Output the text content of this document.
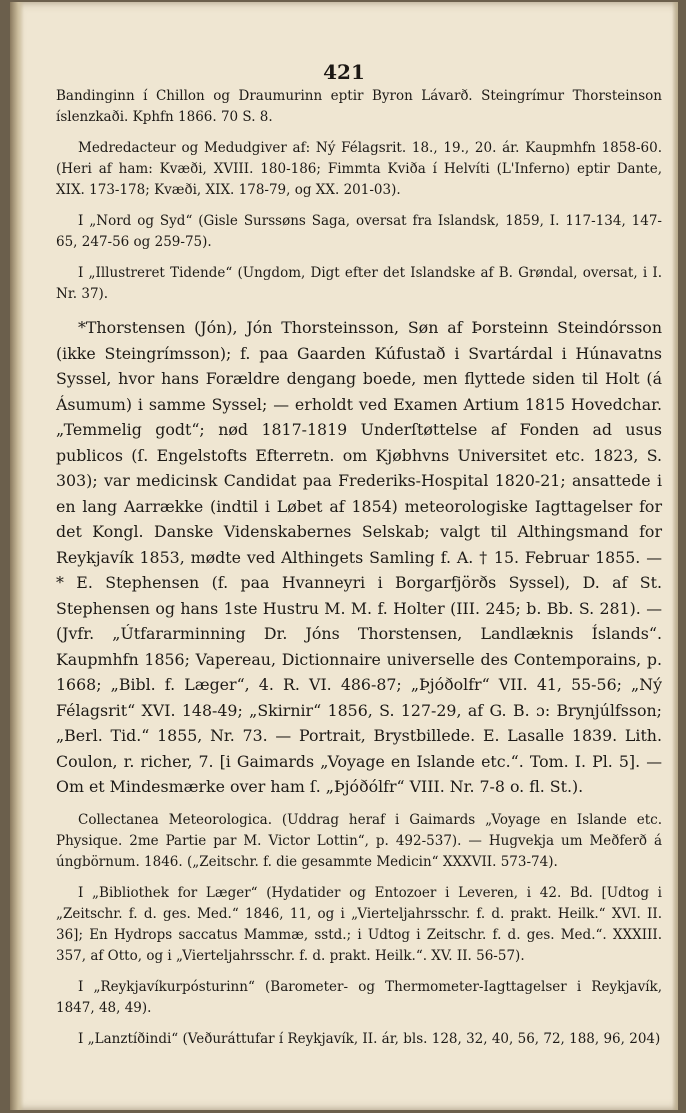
421

Bandinginn í Chillon og Draumurinn eptir Byron Lávarð. Steingrímur Thorsteinson íslenzkaði. Kphfn 1866. 70 S. 8.

Medredacteur og Medudgiver af: Ný Félagsrit. 18., 19., 20. ár. Kaupmhfn 1858-60. (Heri af ham: Kvæði, XVIII. 180-186; Fimmta Kviða í Helvíti (L'Inferno) eptir Dante, XIX. 173-178; Kvæði, XIX. 178-79, og XX. 201-03).

I „Nord og Syd“ (Gisle Surssøns Saga, oversat fra Islandsk, 1859, I. 117-134, 147-65, 247-56 og 259-75).

I „Illustreret Tidende“ (Ungdom, Digt efter det Islandske af B. Grøndal, oversat, i I. Nr. 37).

*Thorstensen (Jón), Jón Thorsteinsson, Søn af Þorsteinn Steindórsson (ikke Steingrímsson); f. paa Gaarden Kúfustað i Svartárdal i Húnavatns Syssel, hvor hans Forældre dengang boede, men flyttede siden til Holt (á Ásumum) i samme Syssel; — erholdt ved Examen Artium 1815 Hovedchar. „Temmelig godt“; nød 1817-1819 Underſtøttelse af Fonden ad usus publicos (ſ. Engelstofts Efterretn. om Kjøbhvns Universitet etc. 1823, S. 303); var medicinsk Candidat paa Frederiks-Hospital 1820-21; ansattede i en lang Aarrække (indtil i Løbet af 1854) meteorologiske Iagttagelser for det Kongl. Danske Videnskabernes Selskab; valgt til Althingsmand for Reykjavík 1853, mødte ved Althingets Samling f. A. † 15. Februar 1855. — * E. Stephensen (f. paa Hvanneyri i Borgarfjörðs Syssel), D. af St. Stephensen og hans 1ste Hustru M. M. f. Holter (III. 245; b. Bb. S. 281). — (Jvfr. „Útfararminning Dr. Jóns Thorstensen, Landlæknis Íslands“. Kaupmhfn 1856; Vapereau, Dictionnaire universelle des Contemporains, p. 1668; „Bibl. f. Læger“, 4. R. VI. 486-87; „Þjóðolfr“ VII. 41, 55-56; „Ný Félagsrit“ XVI. 148-49; „Skirnir“ 1856, S. 127-29, af G. B. ɔ: Brynjúlfsson; „Berl. Tid.“ 1855, Nr. 73. — Portrait, Brystbillede. E. Lasalle 1839. Lith. Coulon, r. richer, 7. [i Gaimards „Voyage en Islande etc.“. Tom. I. Pl. 5]. — Om et Mindesmærke over ham ſ. „Þjóðólfr“ VIII. Nr. 7-8 o. fl. St.).

Collectanea Meteorologica. (Uddrag heraf i Gaimards „Voyage en Islande etc. Physique. 2me Partie par M. Victor Lottin“, p. 492-537). — Hugvekja um Meðferð á úngbörnum. 1846. („Zeitschr. f. die gesammte Medicin“ XXXVII. 573-74).

I „Bibliothek for Læger“ (Hydatider og Entozoer i Leveren, i 42. Bd. [Udtog i „Zeitschr. f. d. ges. Med.“ 1846, 11, og i „Vierteljahrsschr. f. d. prakt. Heilk.“ XVI. II. 36]; En Hydrops saccatus Mammæ, sstd.; i Udtog i Zeitschr. f. d. ges. Med.“. XXXIII. 357, af Otto, og i „Vierteljahrsschr. f. d. prakt. Heilk.“. XV. II. 56-57).

I „Reykjavíkurpósturinn“ (Barometer- og Thermometer-Iagttagelser i Reykjavík, 1847, 48, 49).

I „Lanztíðindi“ (Veðuráttufar í Reykjavík, II. ár, bls. 128, 32, 40, 56, 72, 188, 96, 204)
